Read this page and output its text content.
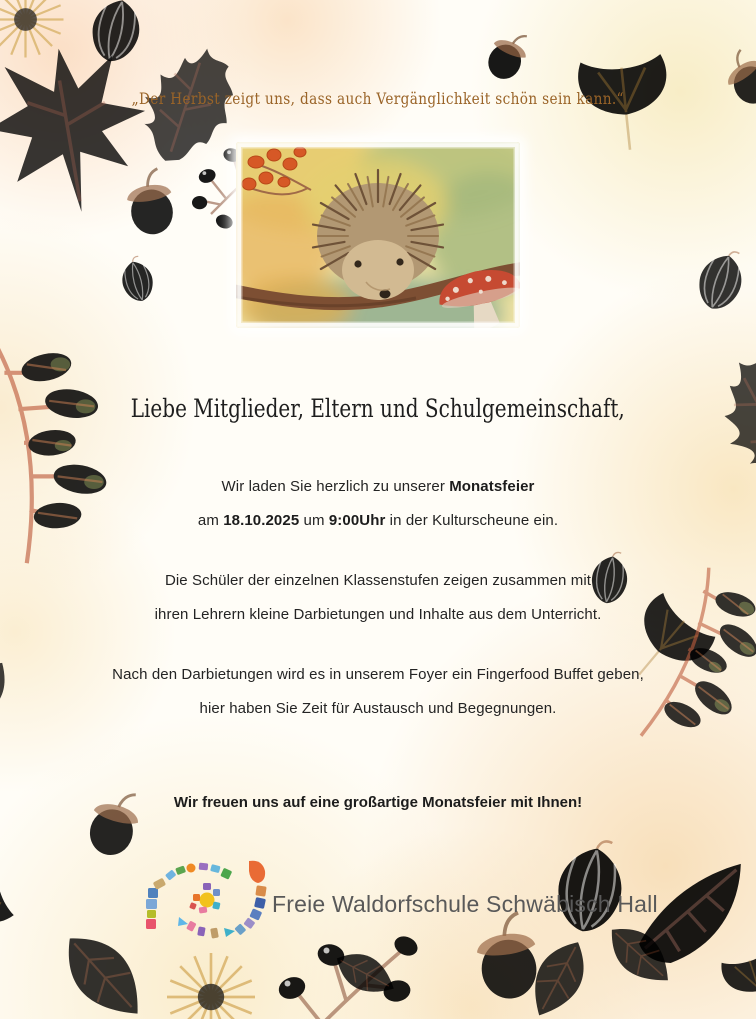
„Der Herbst zeigt uns, dass auch Vergänglichkeit schön sein kann.“
Liebe Mitglieder, Eltern und Schulgemeinschaft,
Wir laden Sie herzlich zu unserer Monatsfeier
am 18.10.2025 um 9:00Uhr in der Kulturscheune ein.
Die Schüler der einzelnen Klassenstufen zeigen zusammen mit
ihren Lehrern kleine Darbietungen und Inhalte aus dem Unterricht.
Nach den Darbietungen wird es in unserem Foyer ein Fingerfood Buffet geben,
hier haben Sie Zeit für Austausch und Begegnungen.
Wir freuen uns auf eine großartige Monatsfeier mit Ihnen!
Freie Waldorfschule Schwäbisch Hall
